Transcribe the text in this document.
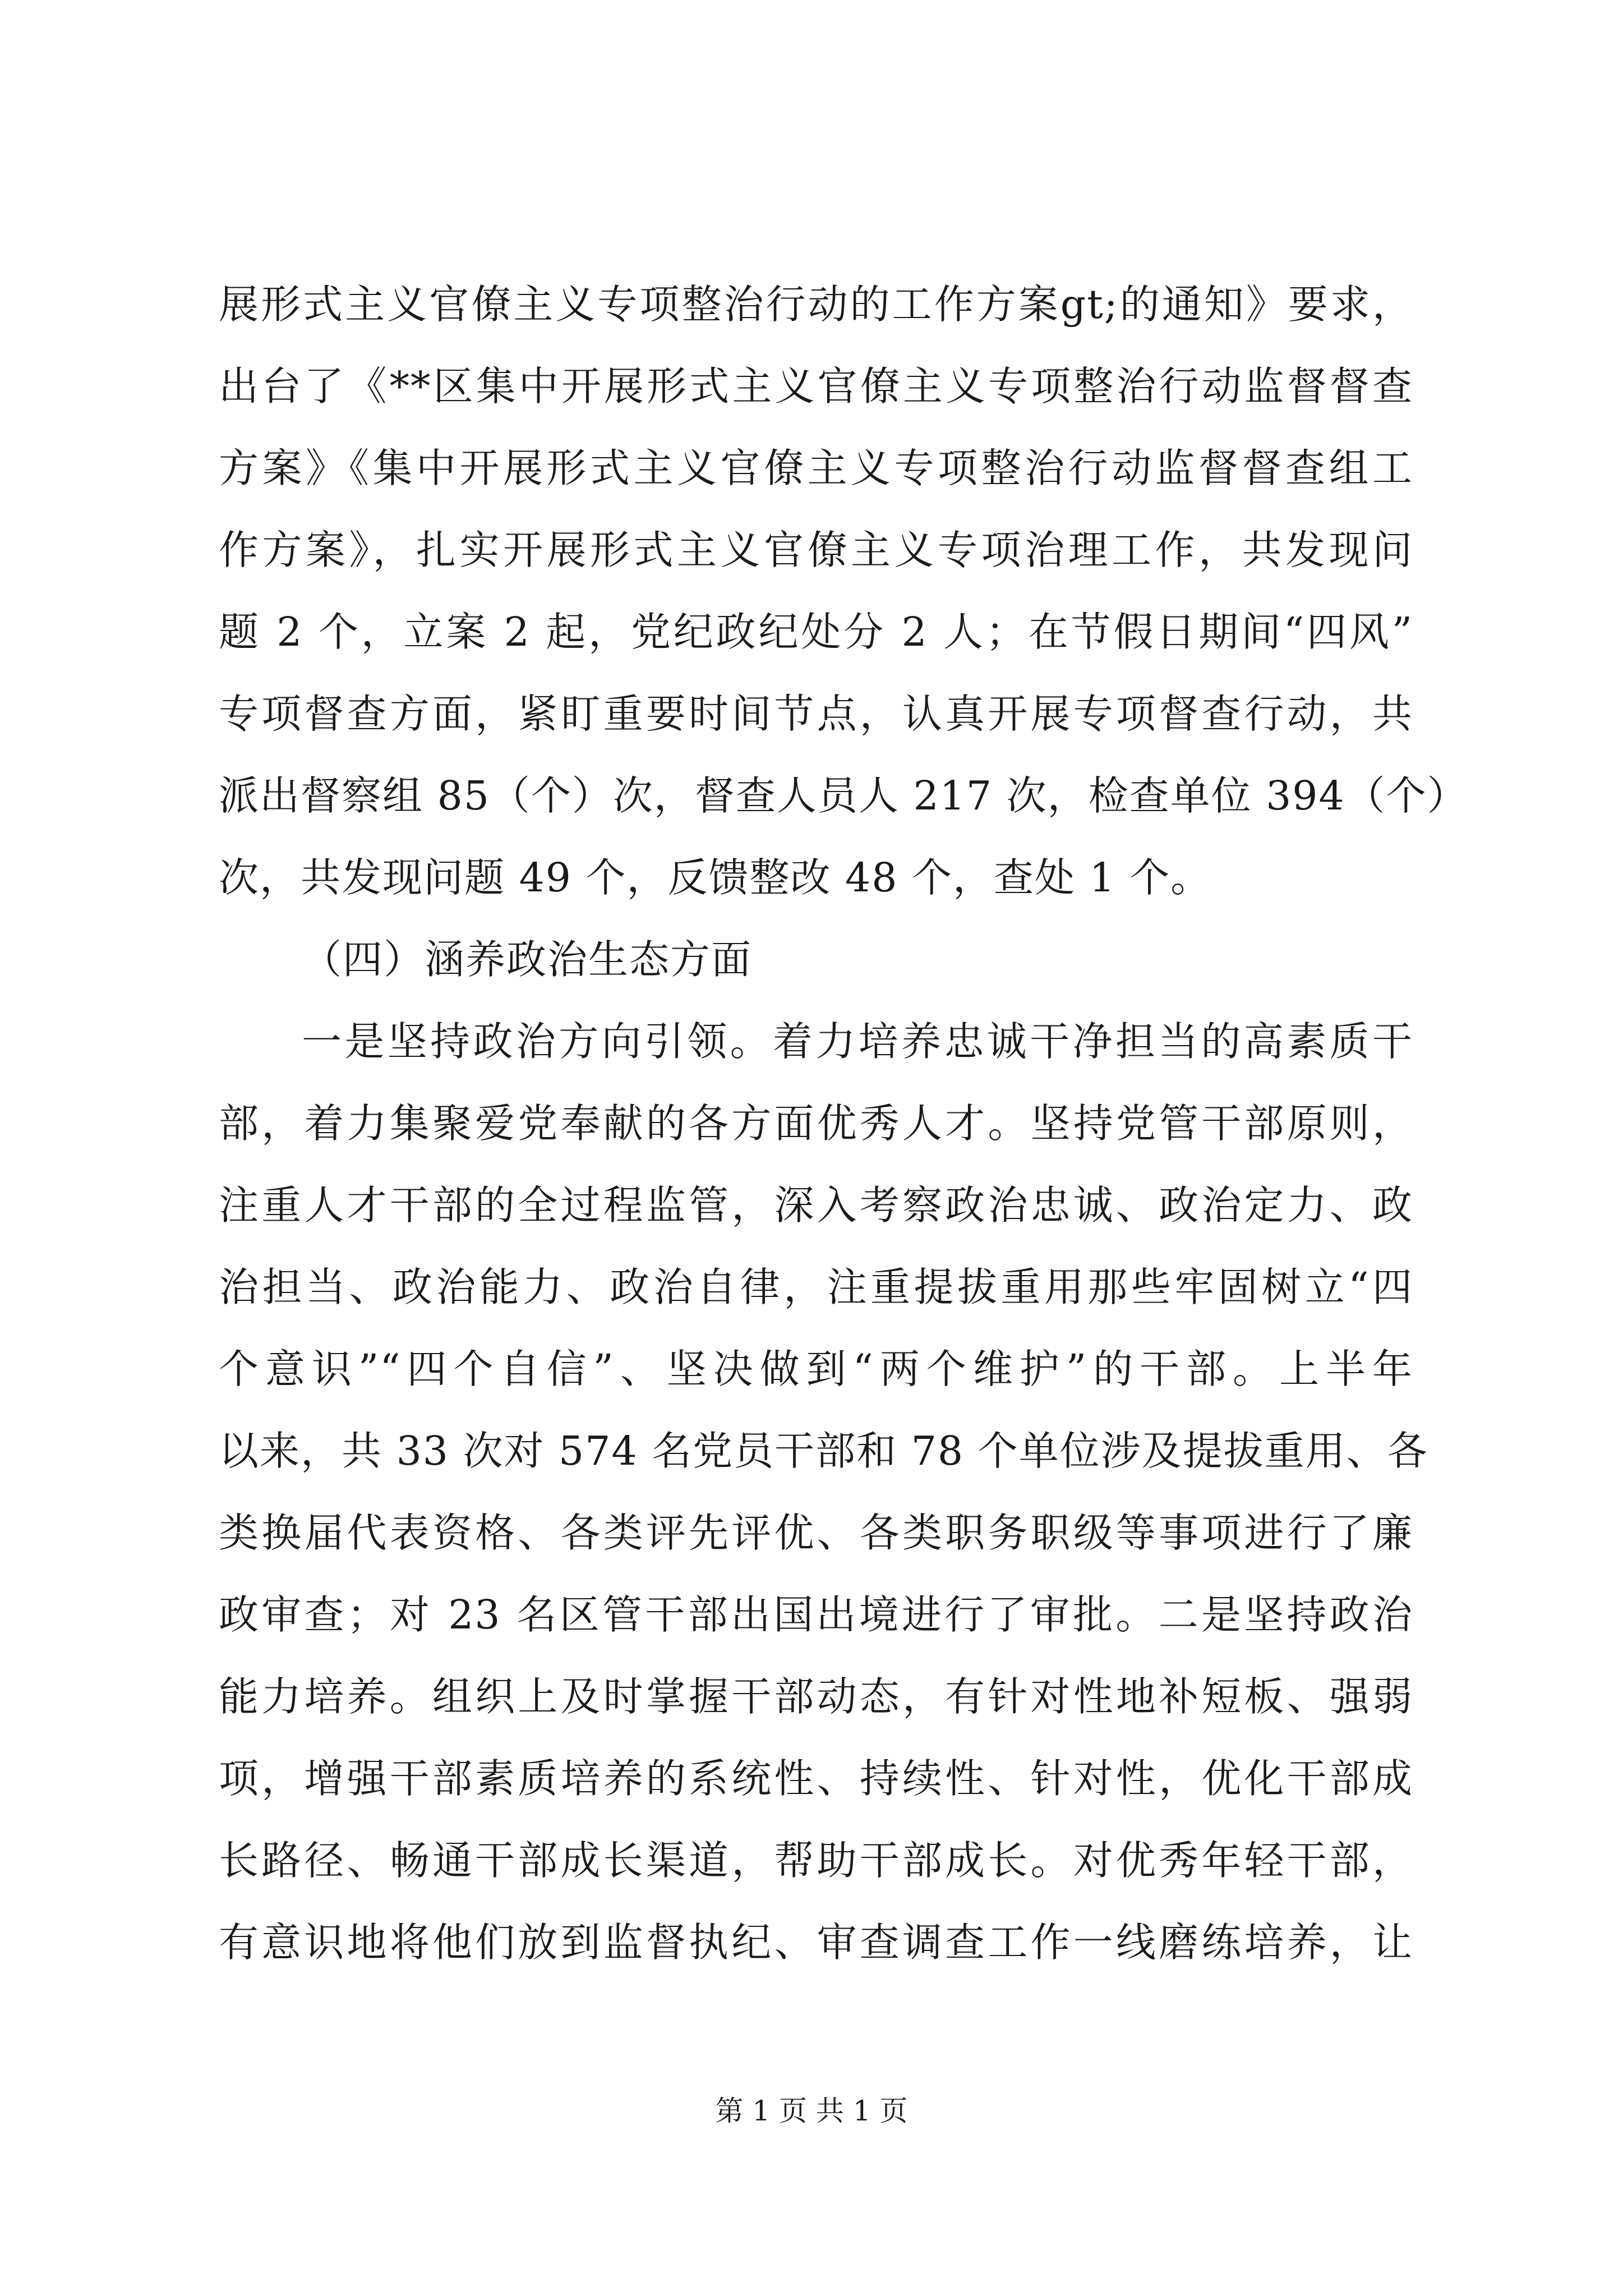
展形式主义官僚主义专项整治行动的工作方案gt;的通知》要求，
出台了《**区集中开展形式主义官僚主义专项整治行动监督督查
方案》《集中开展形式主义官僚主义专项整治行动监督督查组工
作方案》，扎实开展形式主义官僚主义专项治理工作，共发现问
题 2 个，立案 2 起，党纪政纪处分 2 人；在节假日期间“四风”
专项督查方面，紧盯重要时间节点，认真开展专项督查行动，共
派出督察组 85（个）次，督查人员人 217 次，检查单位 394（个）
次，共发现问题 49 个，反馈整改 48 个，查处 1 个。
（四）涵养政治生态方面
一是坚持政治方向引领。着力培养忠诚干净担当的高素质干
部，着力集聚爱党奉献的各方面优秀人才。坚持党管干部原则，
注重人才干部的全过程监管，深入考察政治忠诚、政治定力、政
治担当、政治能力、政治自律，注重提拔重用那些牢固树立“四
个意识”“四个自信”、坚决做到“两个维护”的干部。上半年
以来，共 33 次对 574 名党员干部和 78 个单位涉及提拔重用、各
类换届代表资格、各类评先评优、各类职务职级等事项进行了廉
政审查；对 23 名区管干部出国出境进行了审批。二是坚持政治
能力培养。组织上及时掌握干部动态，有针对性地补短板、强弱
项，增强干部素质培养的系统性、持续性、针对性，优化干部成
长路径、畅通干部成长渠道，帮助干部成长。对优秀年轻干部，
有意识地将他们放到监督执纪、审查调查工作一线磨练培养，让
第 1 页 共 1 页
